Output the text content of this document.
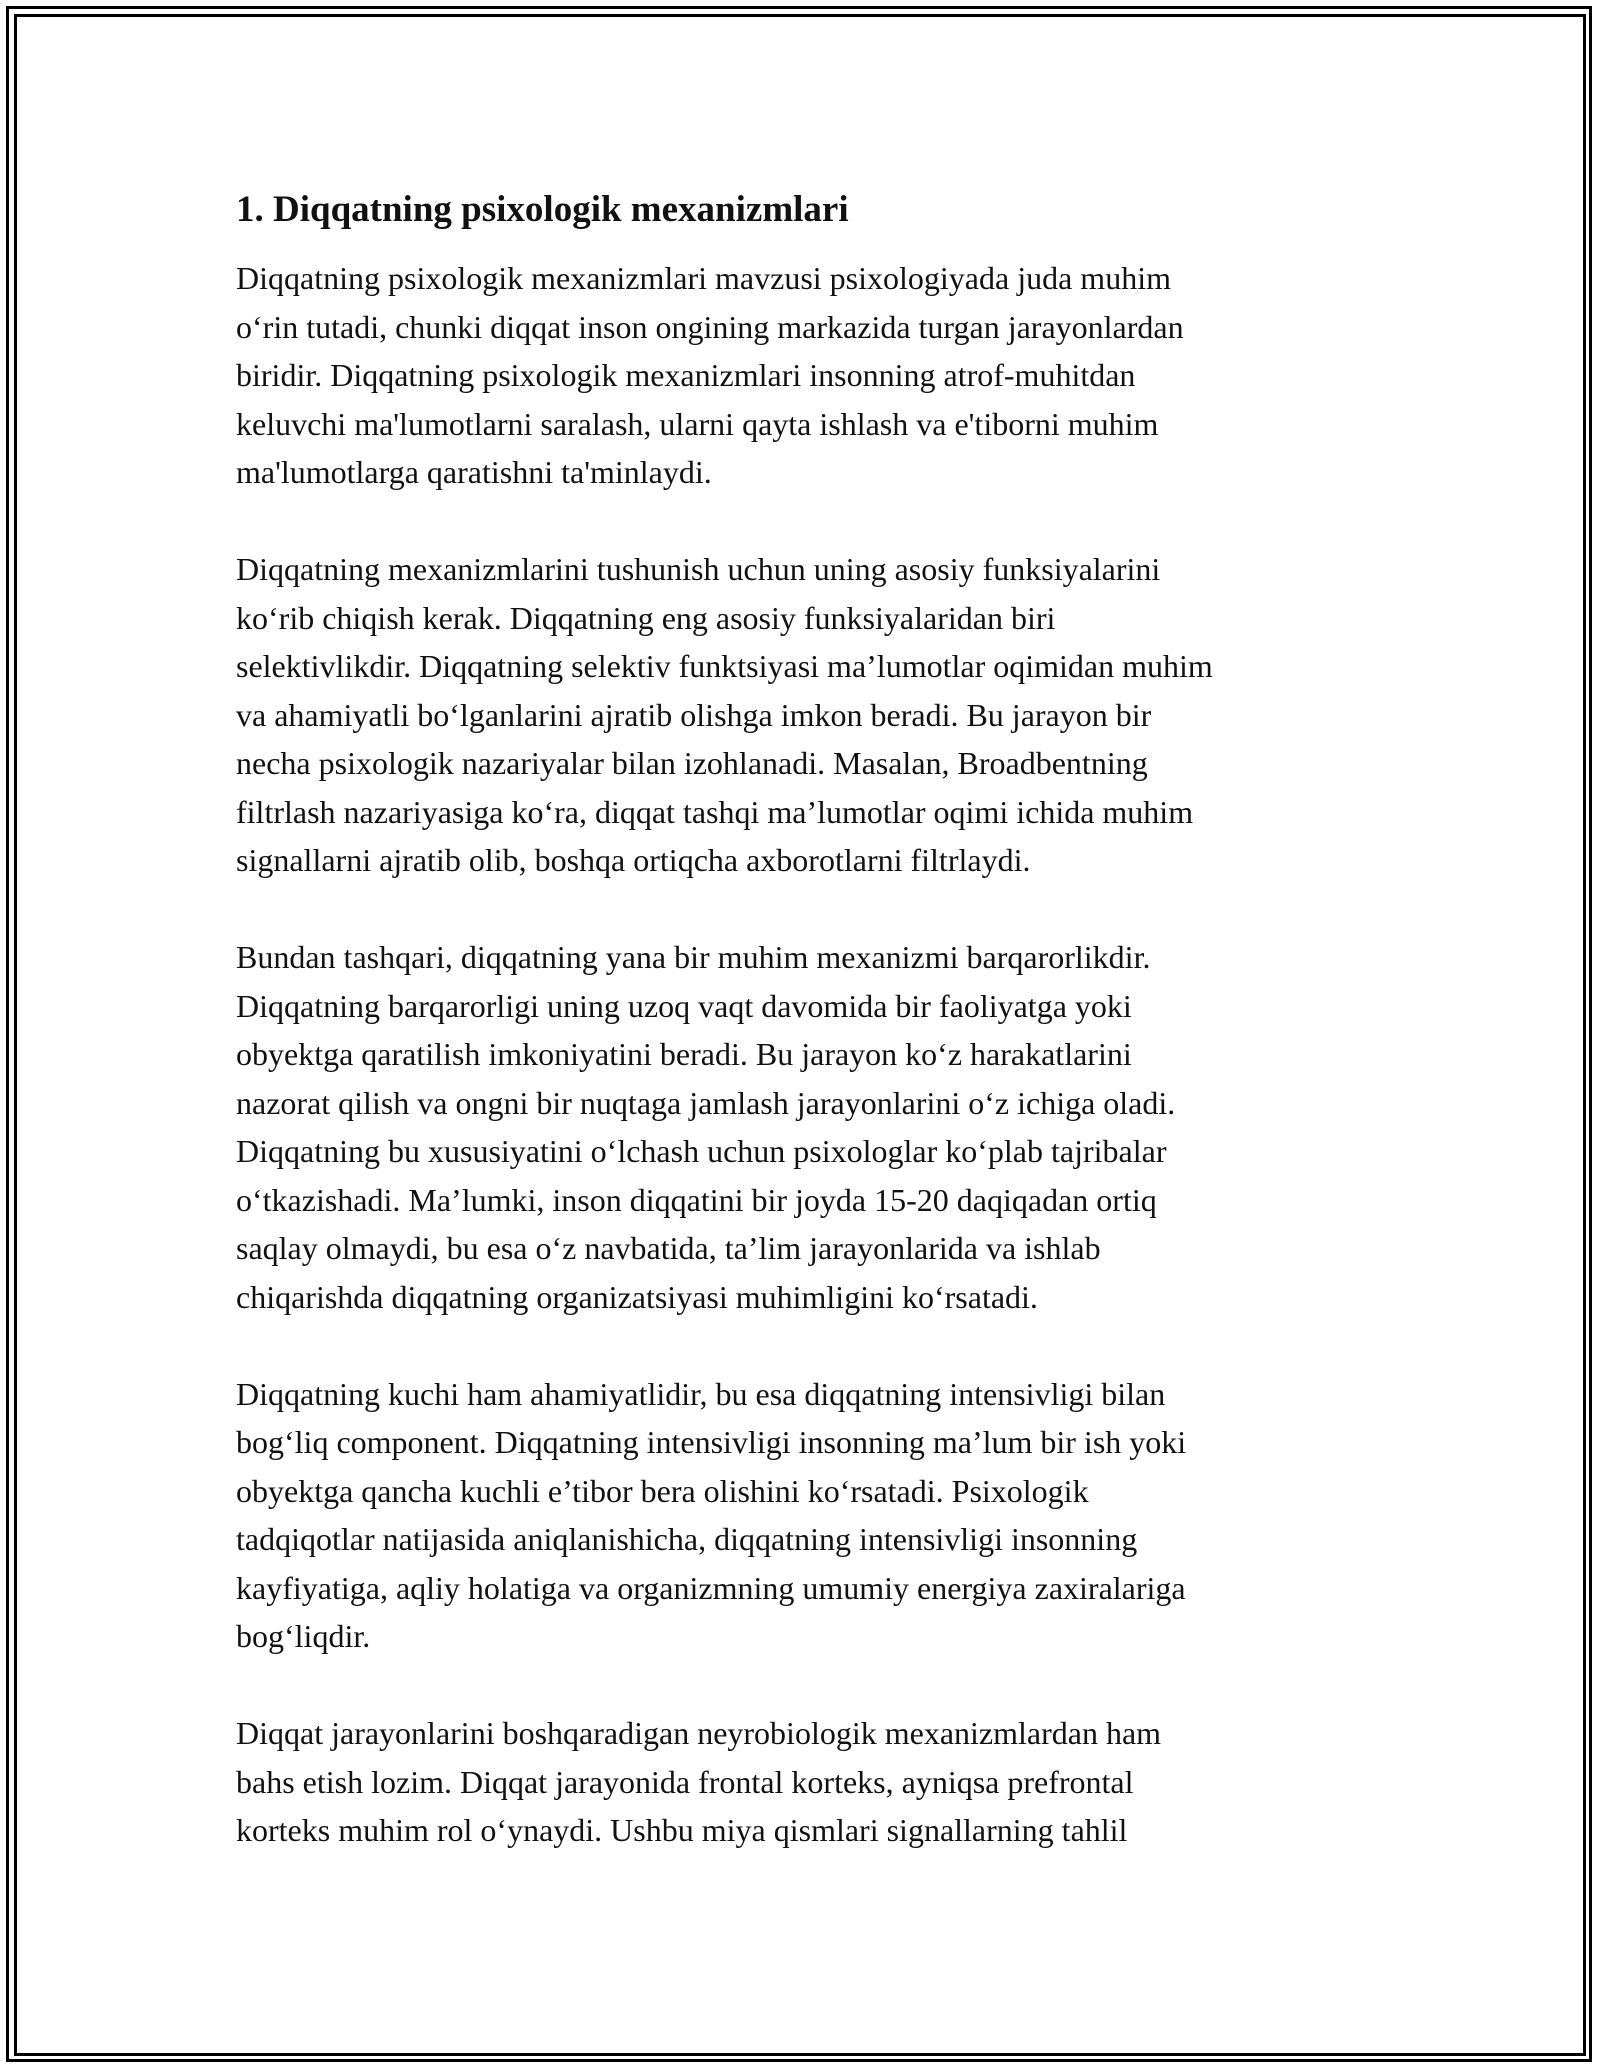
1. Diqqatning psixologik mexanizmlari

Diqqatning psixologik mexanizmlari mavzusi psixologiyada juda muhim
o‘rin tutadi, chunki diqqat inson ongining markazida turgan jarayonlardan
biridir. Diqqatning psixologik mexanizmlari insonning atrof-muhitdan
keluvchi ma'lumotlarni saralash, ularni qayta ishlash va e'tiborni muhim
ma'lumotlarga qaratishni ta'minlaydi.

Diqqatning mexanizmlarini tushunish uchun uning asosiy funksiyalarini
ko‘rib chiqish kerak. Diqqatning eng asosiy funksiyalaridan biri
selektivlikdir. Diqqatning selektiv funktsiyasi ma’lumotlar oqimidan muhim
va ahamiyatli bo‘lganlarini ajratib olishga imkon beradi. Bu jarayon bir
necha psixologik nazariyalar bilan izohlanadi. Masalan, Broadbentning
filtrlash nazariyasiga ko‘ra, diqqat tashqi ma’lumotlar oqimi ichida muhim
signallarni ajratib olib, boshqa ortiqcha axborotlarni filtrlaydi.

Bundan tashqari, diqqatning yana bir muhim mexanizmi barqarorlikdir.
Diqqatning barqarorligi uning uzoq vaqt davomida bir faoliyatga yoki
obyektga qaratilish imkoniyatini beradi. Bu jarayon ko‘z harakatlarini
nazorat qilish va ongni bir nuqtaga jamlash jarayonlarini o‘z ichiga oladi.
Diqqatning bu xususiyatini o‘lchash uchun psixologlar ko‘plab tajribalar
o‘tkazishadi. Ma’lumki, inson diqqatini bir joyda 15-20 daqiqadan ortiq
saqlay olmaydi, bu esa o‘z navbatida, ta’lim jarayonlarida va ishlab
chiqarishda diqqatning organizatsiyasi muhimligini ko‘rsatadi.

Diqqatning kuchi ham ahamiyatlidir, bu esa diqqatning intensivligi bilan
bog‘liq component. Diqqatning intensivligi insonning ma’lum bir ish yoki
obyektga qancha kuchli e’tibor bera olishini ko‘rsatadi. Psixologik
tadqiqotlar natijasida aniqlanishicha, diqqatning intensivligi insonning
kayfiyatiga, aqliy holatiga va organizmning umumiy energiya zaxiralariga
bog‘liqdir.

Diqqat jarayonlarini boshqaradigan neyrobiologik mexanizmlardan ham
bahs etish lozim. Diqqat jarayonida frontal korteks, ayniqsa prefrontal
korteks muhim rol o‘ynaydi. Ushbu miya qismlari signallarning tahlil
